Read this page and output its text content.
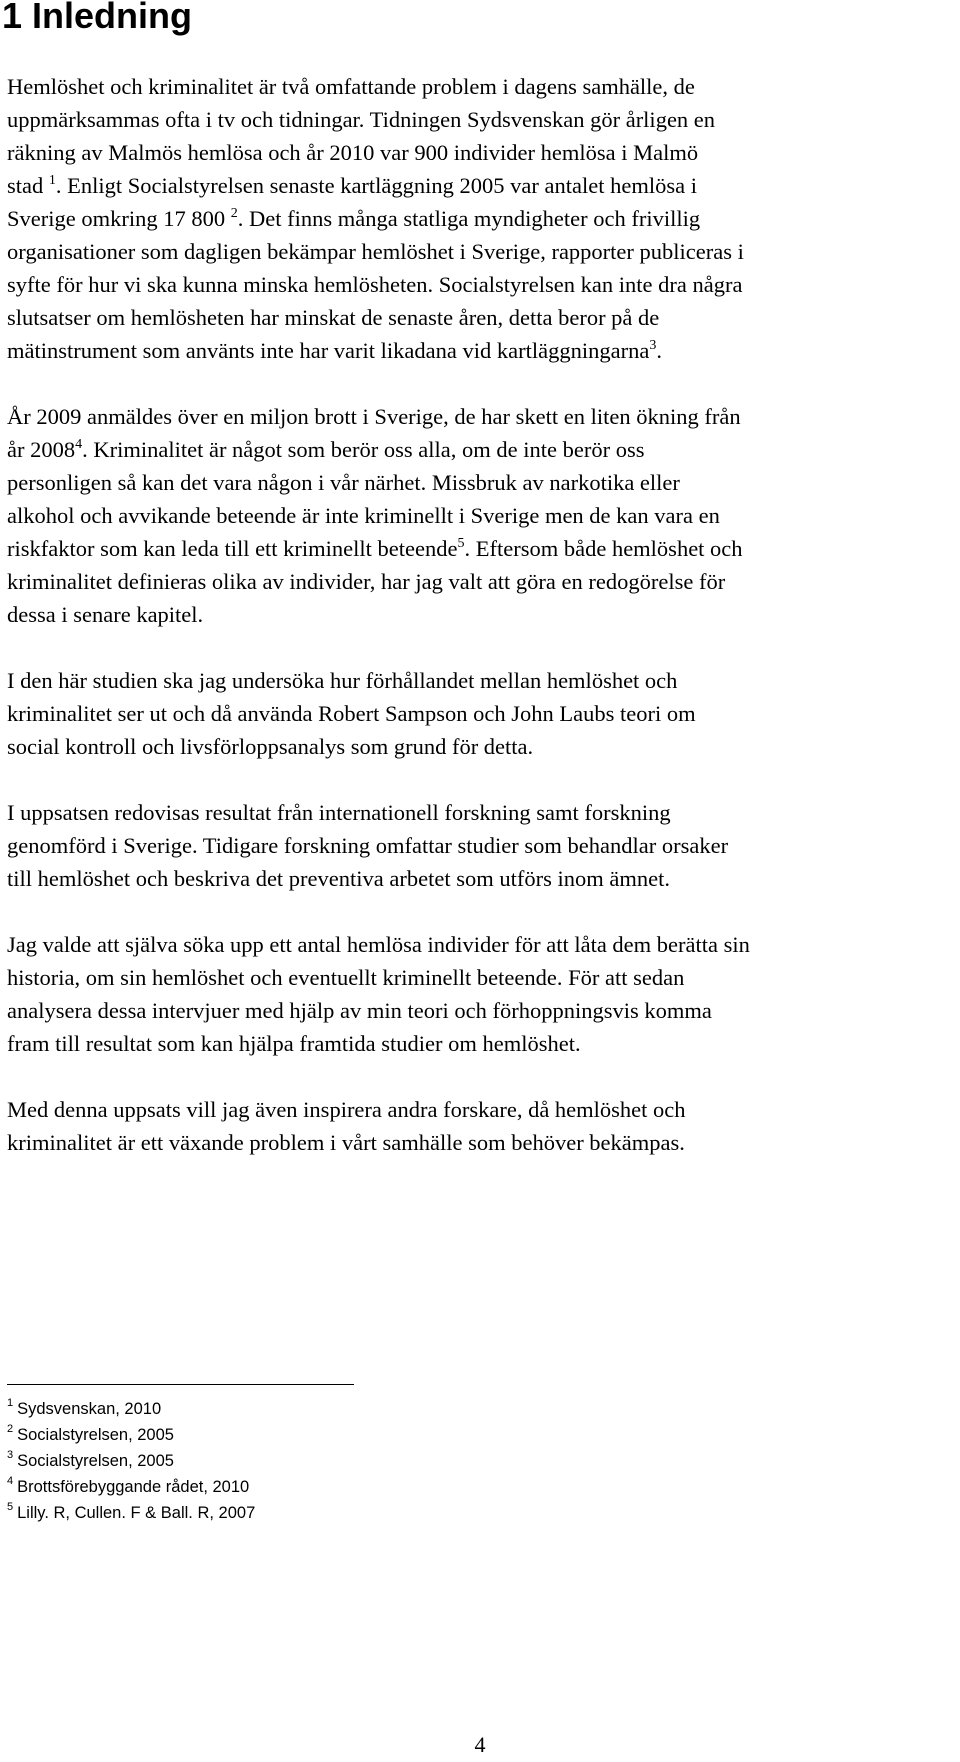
1 Inledning

Hemlöshet och kriminalitet är två omfattande problem i dagens samhälle, de
uppmärksammas ofta i tv och tidningar. Tidningen Sydsvenskan gör årligen en
räkning av Malmös hemlösa och år 2010 var 900 individer hemlösa i Malmö
stad $^1$. Enligt Socialstyrelsen senaste kartläggning 2005 var antalet hemlösa i
Sverige omkring 17 800 $^2$. Det finns många statliga myndigheter och frivillig
organisationer som dagligen bekämpar hemlöshet i Sverige, rapporter publiceras i
syfte för hur vi ska kunna minska hemlösheten. Socialstyrelsen kan inte dra några
slutsatser om hemlösheten har minskat de senaste åren, detta beror på de
mätinstrument som använts inte har varit likadana vid kartläggningarna$^3$.

År 2009 anmäldes över en miljon brott i Sverige, de har skett en liten ökning från
år 2008$^4$. Kriminalitet är något som berör oss alla, om de inte berör oss
personligen så kan det vara någon i vår närhet. Missbruk av narkotika eller
alkohol och avvikande beteende är inte kriminellt i Sverige men de kan vara en
riskfaktor som kan leda till ett kriminellt beteende$^5$. Eftersom både hemlöshet och
kriminalitet definieras olika av individer, har jag valt att göra en redogörelse för
dessa i senare kapitel.

I den här studien ska jag undersöka hur förhållandet mellan hemlöshet och
kriminalitet ser ut och då använda Robert Sampson och John Laubs teori om
social kontroll och livsförloppsanalys som grund för detta.

I uppsatsen redovisas resultat från internationell forskning samt forskning
genomförd i Sverige. Tidigare forskning omfattar studier som behandlar orsaker
till hemlöshet och beskriva det preventiva arbetet som utförs inom ämnet.

Jag valde att själva söka upp ett antal hemlösa individer för att låta dem berätta sin
historia, om sin hemlöshet och eventuellt kriminellt beteende. För att sedan
analysera dessa intervjuer med hjälp av min teori och förhoppningsvis komma
fram till resultat som kan hjälpa framtida studier om hemlöshet.

Med denna uppsats vill jag även inspirera andra forskare, då hemlöshet och
kriminalitet är ett växande problem i vårt samhälle som behöver bekämpas.

$^1$ Sydsvenskan, 2010
$^2$ Socialstyrelsen, 2005
$^3$ Socialstyrelsen, 2005
$^4$ Brottsförebyggande rådet, 2010
$^5$ Lilly. R, Cullen. F & Ball. R, 2007
4
